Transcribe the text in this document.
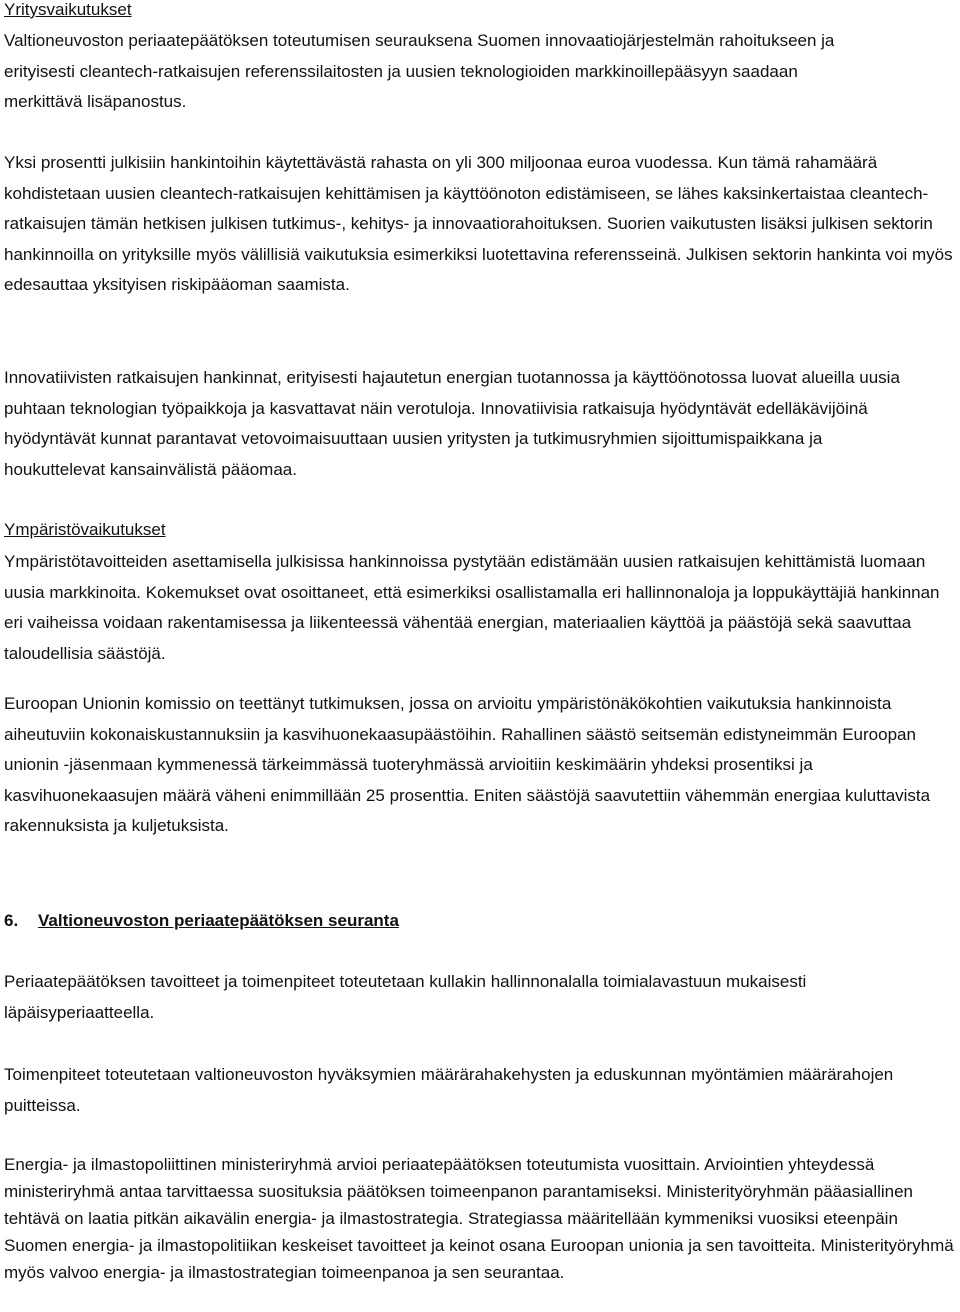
Yritysvaikutukset

Valtioneuvoston periaatepäätöksen toteutumisen seurauksena Suomen innovaatiojärjestelmän rahoitukseen ja erityisesti cleantech-ratkaisujen referenssilaitosten ja uusien teknologioiden markkinoillepääsyyn saadaan merkittävä lisäpanostus.

Yksi prosentti julkisiin hankintoihin käytettävästä rahasta on yli 300 miljoonaa euroa vuodessa. Kun tämä rahamäärä kohdistetaan uusien cleantech-ratkaisujen kehittämisen ja käyttöönoton edistämiseen, se lähes kaksinkertaistaa cleantech-ratkaisujen tämän hetkisen julkisen tutkimus-, kehitys- ja innovaatiorahoituksen. Suorien vaikutusten lisäksi julkisen sektorin hankinnoilla on yrityksille myös välillisiä vaikutuksia esimerkiksi luotettavina referensseinä. Julkisen sektorin hankinta voi myös edesauttaa yksityisen riskipääoman saamista.

Innovatiivisten ratkaisujen hankinnat, erityisesti hajautetun energian tuotannossa ja käyttöönotossa luovat alueilla uusia puhtaan teknologian työpaikkoja ja kasvattavat näin verotuloja. Innovatiivisia ratkaisuja hyödyntävät edelläkävijöinä hyödyntävät kunnat parantavat vetovoimaisuuttaan uusien yritysten ja tutkimusryhmien sijoittumispaikkana ja houkuttelevat kansainvälistä pääomaa.

Ympäristövaikutukset

Ympäristötavoitteiden asettamisella julkisissa hankinnoissa pystytään edistämään uusien ratkaisujen kehittämistä luomaan uusia markkinoita. Kokemukset ovat osoittaneet, että esimerkiksi osallistamalla eri hallinnonaloja ja loppukäyttäjiä hankinnan eri vaiheissa voidaan rakentamisessa ja liikenteessä vähentää energian, materiaalien käyttöä ja päästöjä sekä saavuttaa taloudellisia säästöjä.

Euroopan Unionin komissio on teettänyt tutkimuksen, jossa on arvioitu ympäristönäkökohtien vaikutuksia hankinnoista aiheutuviin kokonaiskustannuksiin ja kasvihuonekaasupäästöihin. Rahallinen säästö seitsemän edistyneimmän Euroopan unionin -jäsenmaan kymmenessä tärkeimmässä tuoteryhmässä arvioitiin keskimäärin yhdeksi prosentiksi ja kasvihuonekaasujen määrä väheni enimmillään 25 prosenttia. Eniten säästöjä saavutettiin vähemmän energiaa kuluttavista rakennuksista ja kuljetuksista.

6. Valtioneuvoston periaatepäätöksen seuranta

Periaatepäätöksen tavoitteet ja toimenpiteet toteutetaan kullakin hallinnonalalla toimialavastuun mukaisesti läpäisyperiaatteella.

Toimenpiteet toteutetaan valtioneuvoston hyväksymien määrärahakehysten ja eduskunnan myöntämien määrärahojen puitteissa.

Energia- ja ilmastopoliittinen ministeriryhmä arvioi periaatepäätöksen toteutumista vuosittain. Arviointien yhteydessä ministeriryhmä antaa tarvittaessa suosituksia päätöksen toimeenpanon parantamiseksi. Ministerityöryhmän pääasiallinen tehtävä on laatia pitkän aikavälin energia- ja ilmastostrategia. Strategiassa määritellään kymmeniksi vuosiksi eteenpäin Suomen energia- ja ilmastopolitiikan keskeiset tavoitteet ja keinot osana Euroopan unionia ja sen tavoitteita. Ministerityöryhmä myös valvoo energia- ja ilmastostrategian toimeenpanoa ja sen seurantaa.
